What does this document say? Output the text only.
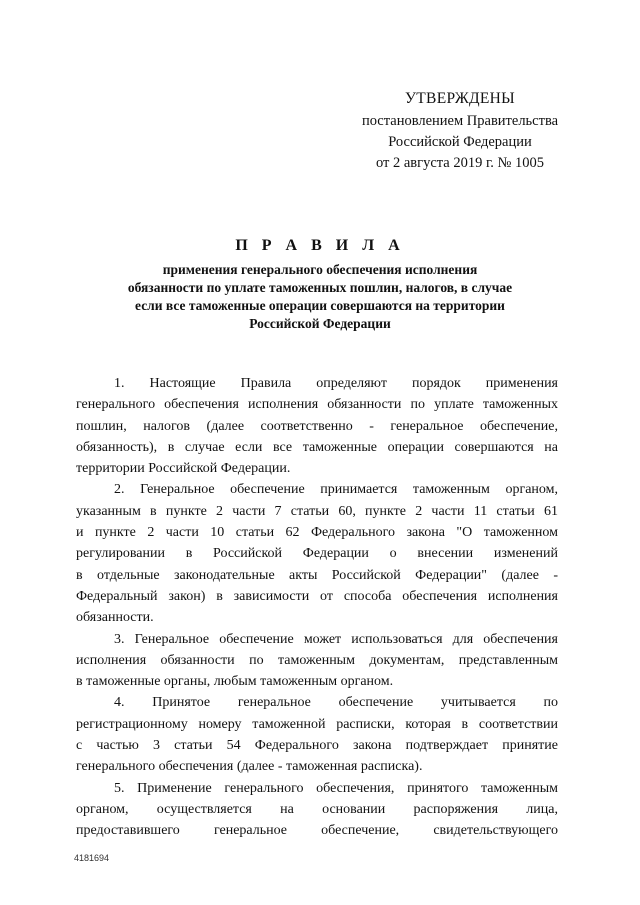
УТВЕРЖДЕНЫ
постановлением Правительства
Российской Федерации
от 2 августа 2019 г. № 1005
П Р А В И Л А
применения генерального обеспечения исполнения
обязанности по уплате таможенных пошлин, налогов, в случае
если все таможенные операции совершаются на территории
Российской Федерации
1. Настоящие Правила определяют порядок применения
генерального обеспечения исполнения обязанности по уплате таможенных
пошлин, налогов (далее соответственно - генеральное обеспечение,
обязанность), в случае если все таможенные операции совершаются на
территории Российской Федерации.
2. Генеральное обеспечение принимается таможенным органом,
указанным в пункте 2 части 7 статьи 60, пункте 2 части 11 статьи 61
и пункте 2 части 10 статьи 62 Федерального закона "О таможенном
регулировании в Российской Федерации о внесении изменений
в отдельные законодательные акты Российской Федерации" (далее -
Федеральный закон) в зависимости от способа обеспечения исполнения
обязанности.
3. Генеральное обеспечение может использоваться для обеспечения
исполнения обязанности по таможенным документам, представленным
в таможенные органы, любым таможенным органом.
4. Принятое генеральное обеспечение учитывается по
регистрационному номеру таможенной расписки, которая в соответствии
с частью 3 статьи 54 Федерального закона подтверждает принятие
генерального обеспечения (далее - таможенная расписка).
5. Применение генерального обеспечения, принятого таможенным
органом, осуществляется на основании распоряжения лица,
предоставившего генеральное обеспечение, свидетельствующего
4181694
